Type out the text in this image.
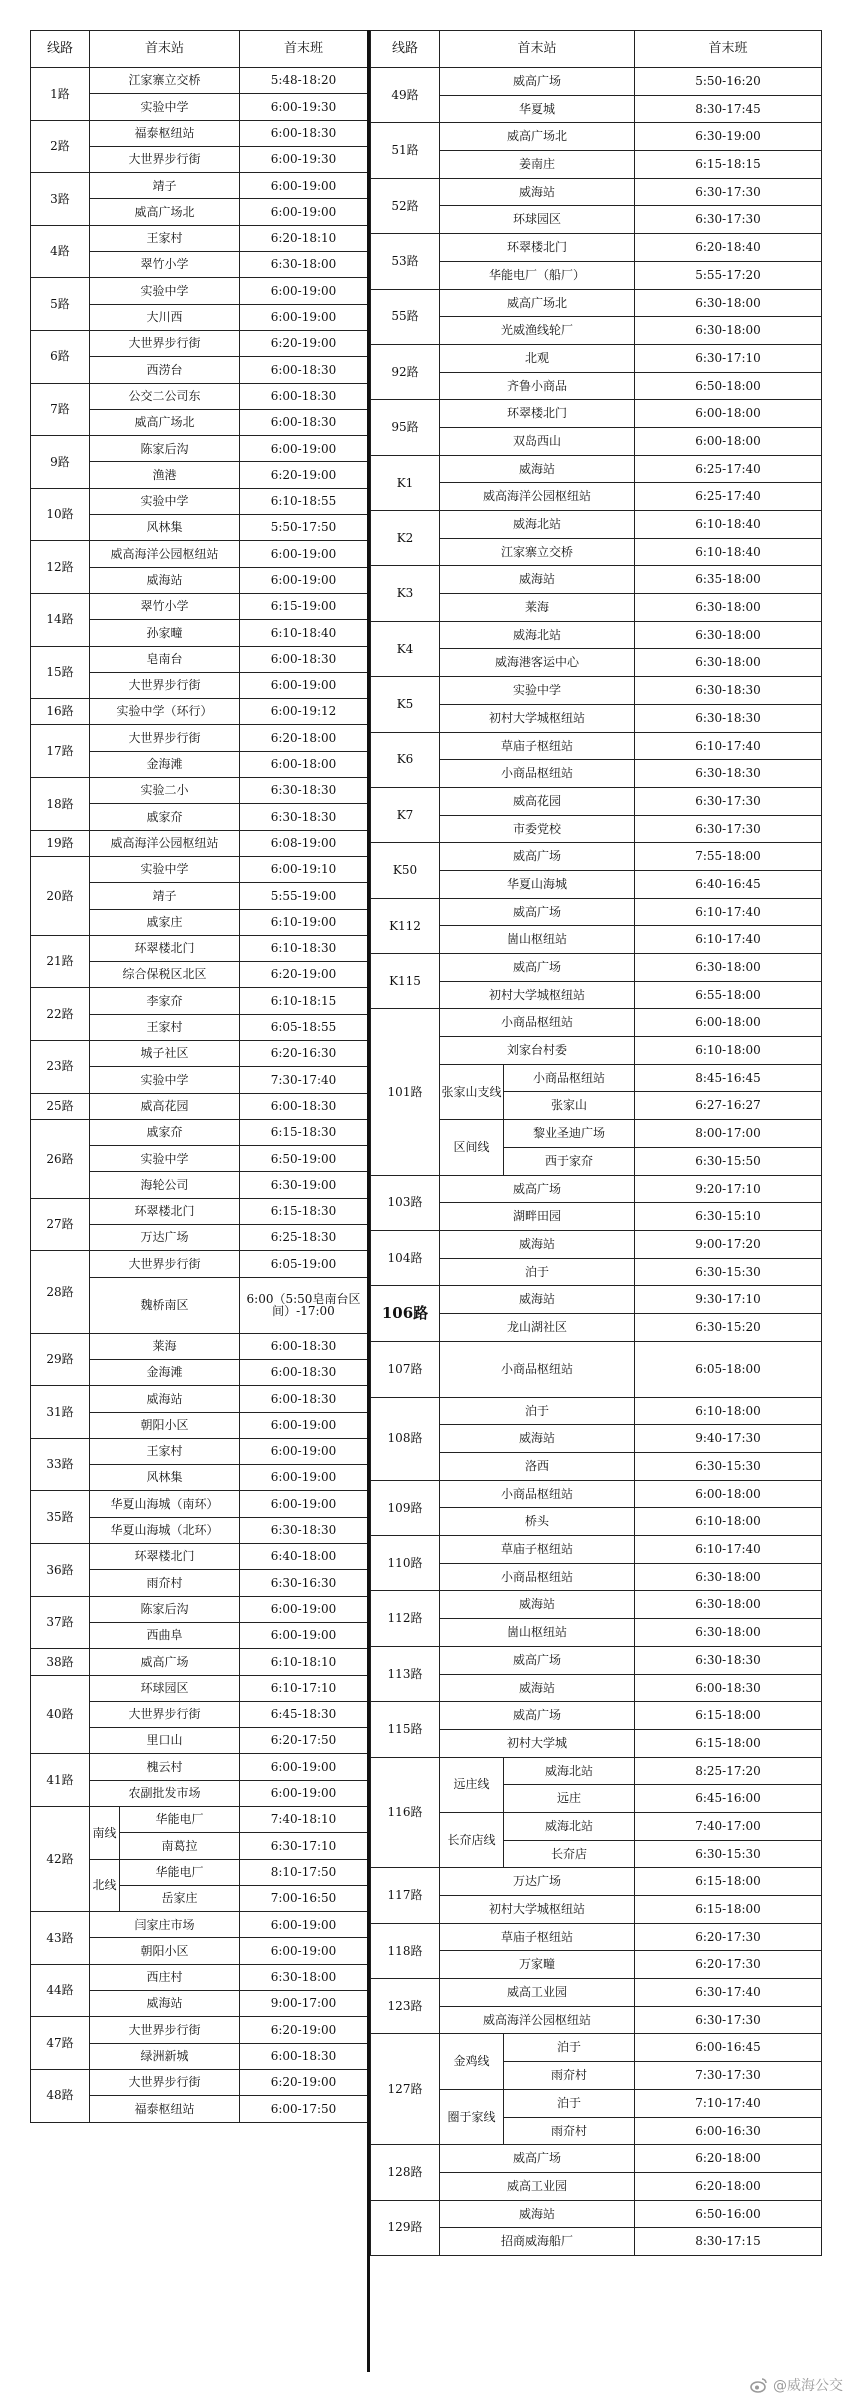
线路	首末站		首末班
1路	江家寨立交桥		5:48-18:20
	实验中学		6:00-19:30
2路	福泰枢纽站		6:00-18:30
	大世界步行街		6:00-19:30
3路	靖子		6:00-19:00
	威高广场北		6:00-19:00
4路	王家村		6:20-18:10
	翠竹小学		6:30-18:00
5路	实验中学		6:00-19:00
	大川西		6:00-19:00
6路	大世界步行街		6:20-19:00
	西涝台		6:00-18:30
7路	公交二公司东		6:00-18:30
	威高广场北		6:00-18:30
9路	陈家后沟		6:00-19:00
	渔港		6:20-19:00
10路	实验中学		6:10-18:55
	风林集		5:50-17:50
12路	威高海洋公园枢纽站		6:00-19:00
	威海站		6:00-19:00
14路	翠竹小学		6:15-19:00
	孙家疃		6:10-18:40
15路	皂南台		6:00-18:30
	大世界步行街		6:00-19:00
16路	实验中学（环行）		6:00-19:12
17路	大世界步行街		6:20-18:00
	金海滩		6:00-18:00
18路	实验二小		6:30-18:30
	戚家夼		6:30-18:30
19路	威高海洋公园枢纽站		6:08-19:00
20路	实验中学		6:00-19:10
	靖子		5:55-19:00
	戚家庄		6:10-19:00
21路	环翠楼北门		6:10-18:30
	综合保税区北区		6:20-19:00
22路	李家夼		6:10-18:15
	王家村		6:05-18:55
23路	城子社区		6:20-16:30
	实验中学		7:30-17:40
25路	威高花园		6:00-18:30
26路	戚家夼		6:15-18:30
	实验中学		6:50-19:00
	海轮公司		6:30-19:00
27路	环翠楼北门		6:15-18:30
	万达广场		6:25-18:30
28路	大世界步行街		6:05-19:00
	魏桥南区		6:00（5:50皂南台区间）-17:00
29路	莱海		6:00-18:30
	金海滩		6:00-18:30
31路	威海站		6:00-18:30
	朝阳小区		6:00-19:00
33路	王家村		6:00-19:00
	风林集		6:00-19:00
35路	华夏山海城（南环）		6:00-19:00
	华夏山海城（北环）		6:30-18:30
36路	环翠楼北门		6:40-18:00
	雨夼村		6:30-16:30
37路	陈家后沟		6:00-19:00
	西曲阜		6:00-19:00
38路	威高广场		6:10-18:10
40路	环球园区		6:10-17:10
	大世界步行街		6:45-18:30
	里口山		6:20-17:50
41路	槐云村		6:00-19:00
	农副批发市场		6:00-19:00
42路	南线	华能电厂	7:40-18:10
		南葛拉	6:30-17:10
	北线	华能电厂	8:10-17:50
		岳家庄	7:00-16:50
43路	闫家庄市场		6:00-19:00
	朝阳小区		6:00-19:00
44路	西庄村		6:30-18:00
	威海站		9:00-17:00
47路	大世界步行街		6:20-19:00
	绿洲新城		6:00-18:30
48路	大世界步行街		6:20-19:00
	福泰枢纽站		6:00-17:50
线路	首末站		首末班
49路	威高广场		5:50-16:20
	华夏城		8:30-17:45
51路	威高广场北		6:30-19:00
	姜南庄		6:15-18:15
52路	威海站		6:30-17:30
	环球园区		6:30-17:30
53路	环翠楼北门		6:20-18:40
	华能电厂（船厂）		5:55-17:20
55路	威高广场北		6:30-18:00
	光威渔线轮厂		6:30-18:00
92路	北观		6:30-17:10
	齐鲁小商品		6:50-18:00
95路	环翠楼北门		6:00-18:00
	双岛西山		6:00-18:00
K1	威海站		6:25-17:40
	威高海洋公园枢纽站		6:25-17:40
K2	威海北站		6:10-18:40
	江家寨立交桥		6:10-18:40
K3	威海站		6:35-18:00
	莱海		6:30-18:00
K4	威海北站		6:30-18:00
	威海港客运中心		6:30-18:00
K5	实验中学		6:30-18:30
	初村大学城枢纽站		6:30-18:30
K6	草庙子枢纽站		6:10-17:40
	小商品枢纽站		6:30-18:30
K7	威高花园		6:30-17:30
	市委党校		6:30-17:30
K50	威高广场		7:55-18:00
	华夏山海城		6:40-16:45
K112	威高广场		6:10-17:40
	崮山枢纽站		6:10-17:40
K115	威高广场		6:30-18:00
	初村大学城枢纽站		6:55-18:00
101路	小商品枢纽站		6:00-18:00
	刘家台村委		6:10-18:00
	张家山支线	小商品枢纽站	8:45-16:45
		张家山	6:27-16:27
	区间线	黎业圣迪广场	8:00-17:00
		西于家夼	6:30-15:50
103路	威高广场		9:20-17:10
	湖畔田园		6:30-15:10
104路	威海站		9:00-17:20
	泊于		6:30-15:30
106路	威海站		9:30-17:10
	龙山湖社区		6:30-15:20
107路	小商品枢纽站		6:05-18:00
108路	泊于		6:10-18:00
	威海站		9:40-17:30
	洛西		6:30-15:30
109路	小商品枢纽站		6:00-18:00
	桥头		6:10-18:00
110路	草庙子枢纽站		6:10-17:40
	小商品枢纽站		6:30-18:00
112路	威海站		6:30-18:00
	崮山枢纽站		6:30-18:00
113路	威高广场		6:30-18:30
	威海站		6:00-18:30
115路	威高广场		6:15-18:00
	初村大学城		6:15-18:00
116路	远庄线	威海北站	8:25-17:20
		远庄	6:45-16:00
	长夼店线	威海北站	7:40-17:00
		长夼店	6:30-15:30
117路	万达广场		6:15-18:00
	初村大学城枢纽站		6:15-18:00
118路	草庙子枢纽站		6:20-17:30
	万家疃		6:20-17:30
123路	威高工业园		6:30-17:40
	威高海洋公园枢纽站		6:30-17:30
127路	金鸡线	泊于	6:00-16:45
		雨夼村	7:30-17:30
	圈于家线	泊于	7:10-17:40
		雨夼村	6:00-16:30
128路	威高广场		6:20-18:00
	威高工业园		6:20-18:00
129路	威海站		6:50-16:00
	招商威海船厂		8:30-17:15
@威海公交
